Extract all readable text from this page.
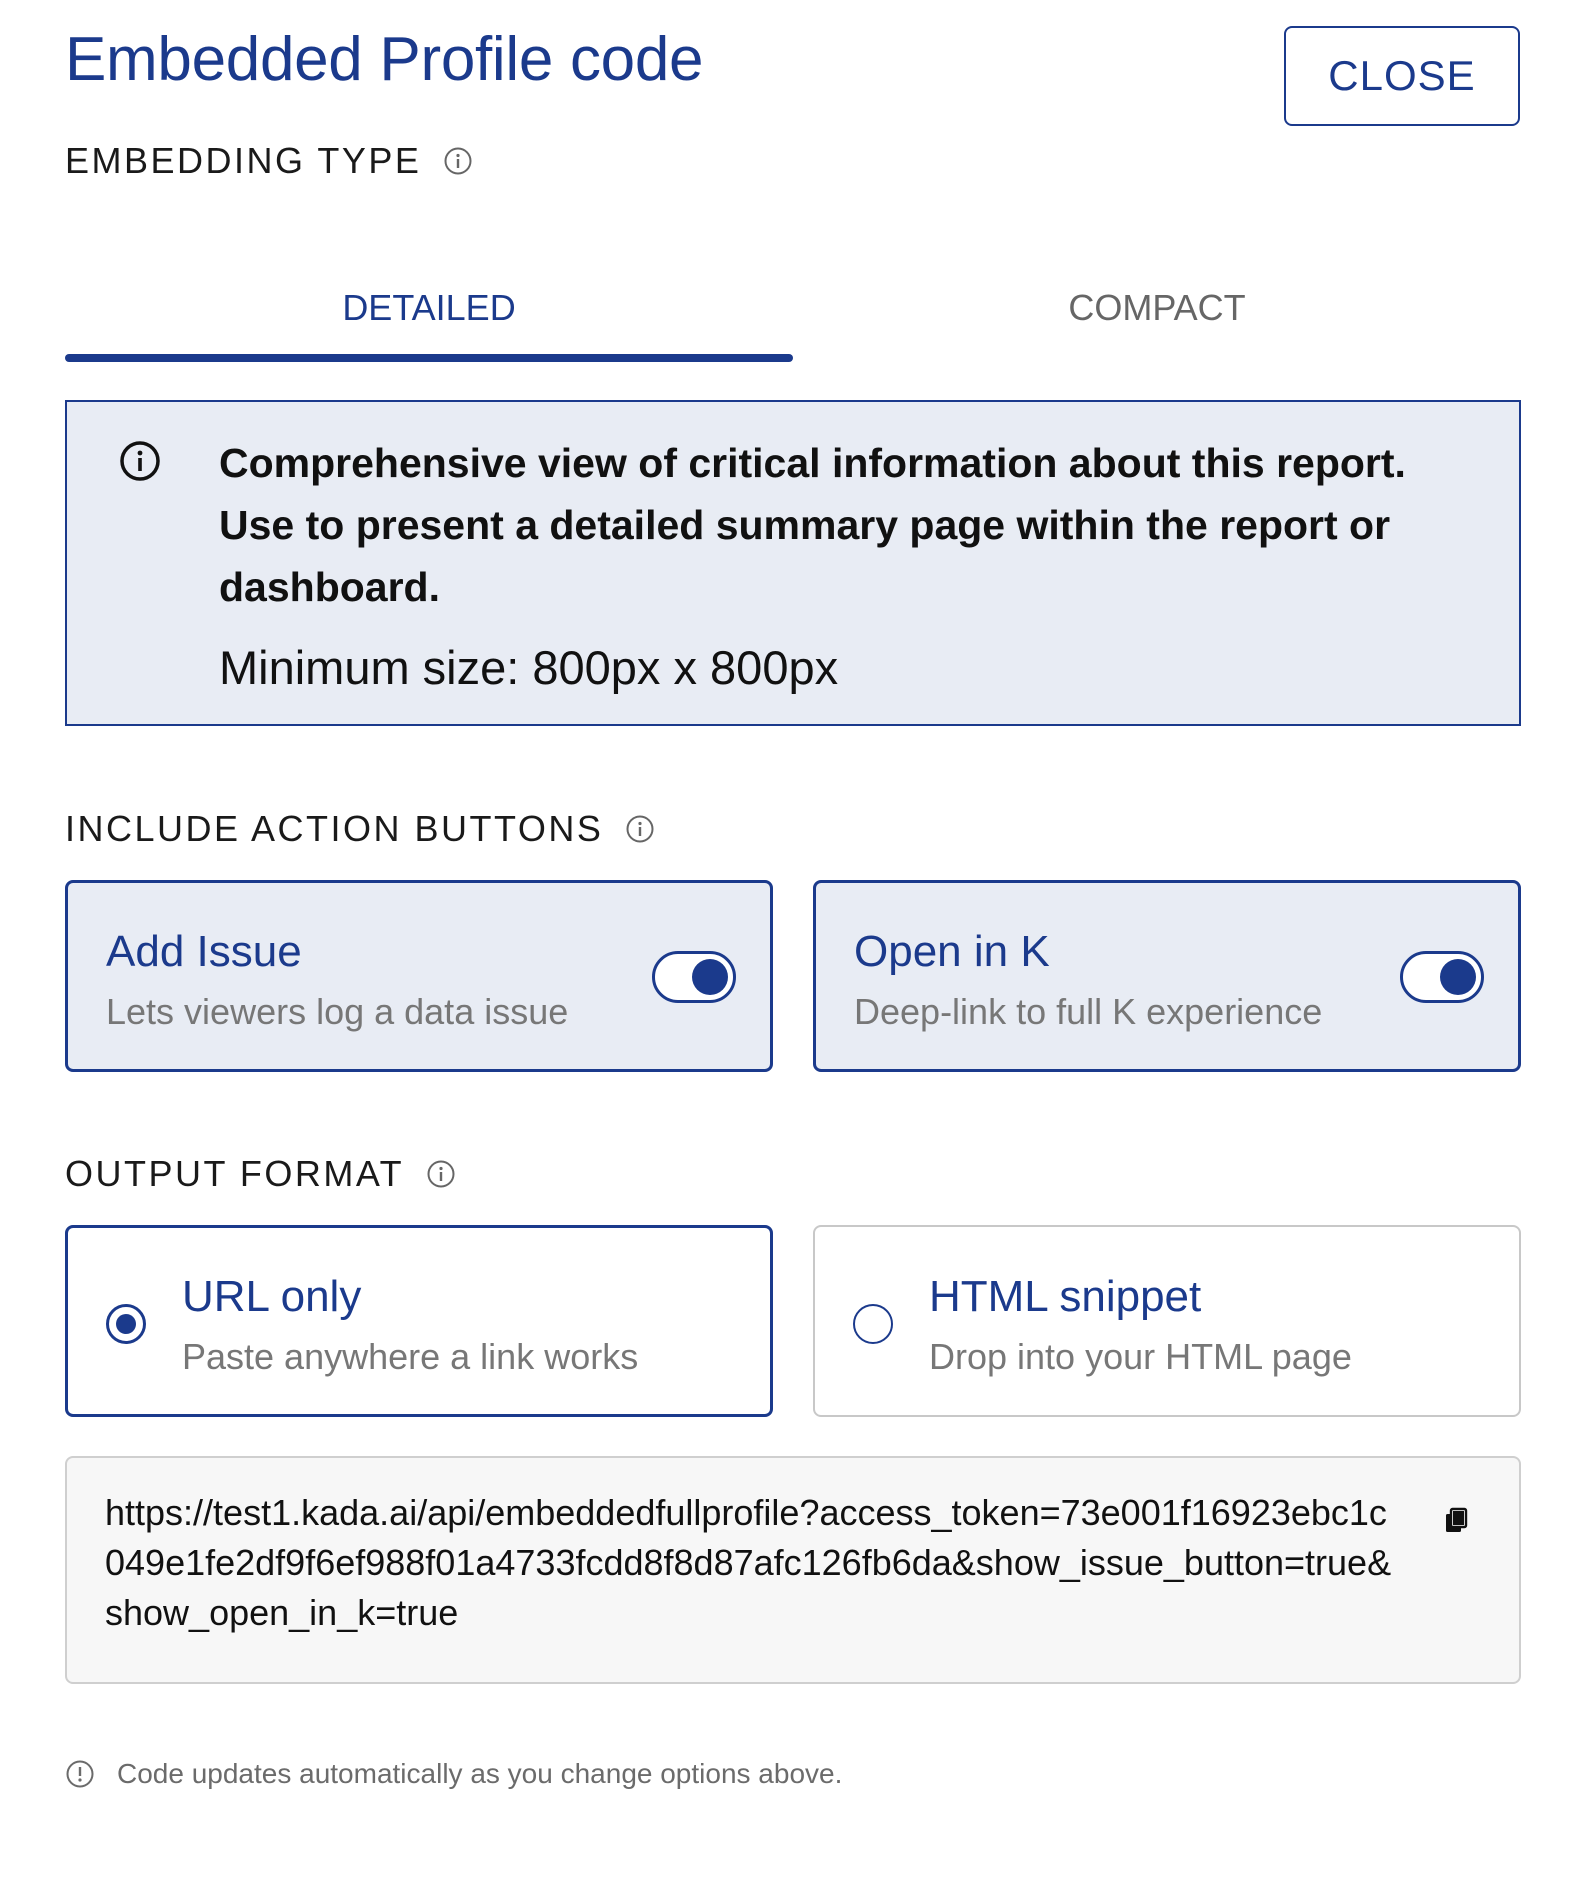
Embedded Profile code	CLOSE
EMBEDDING TYPE
DETAILED	COMPACT
Comprehensive view of critical information about this report. Use to present a detailed summary page within the report or dashboard.
Minimum size: 800px x 800px
INCLUDE ACTION BUTTONS
Add Issue
Lets viewers log a data issue
Open in K
Deep-link to full K experience
OUTPUT FORMAT
URL only
Paste anywhere a link works
HTML snippet
Drop into your HTML page
https://test1.kada.ai/api/embeddedfullprofile?access_token=73e001f16923ebc1c049e1fe2df9f6ef988f01a4733fcdd8f8d87afc126fb6da&show_issue_button=true&show_open_in_k=true
Code updates automatically as you change options above.
